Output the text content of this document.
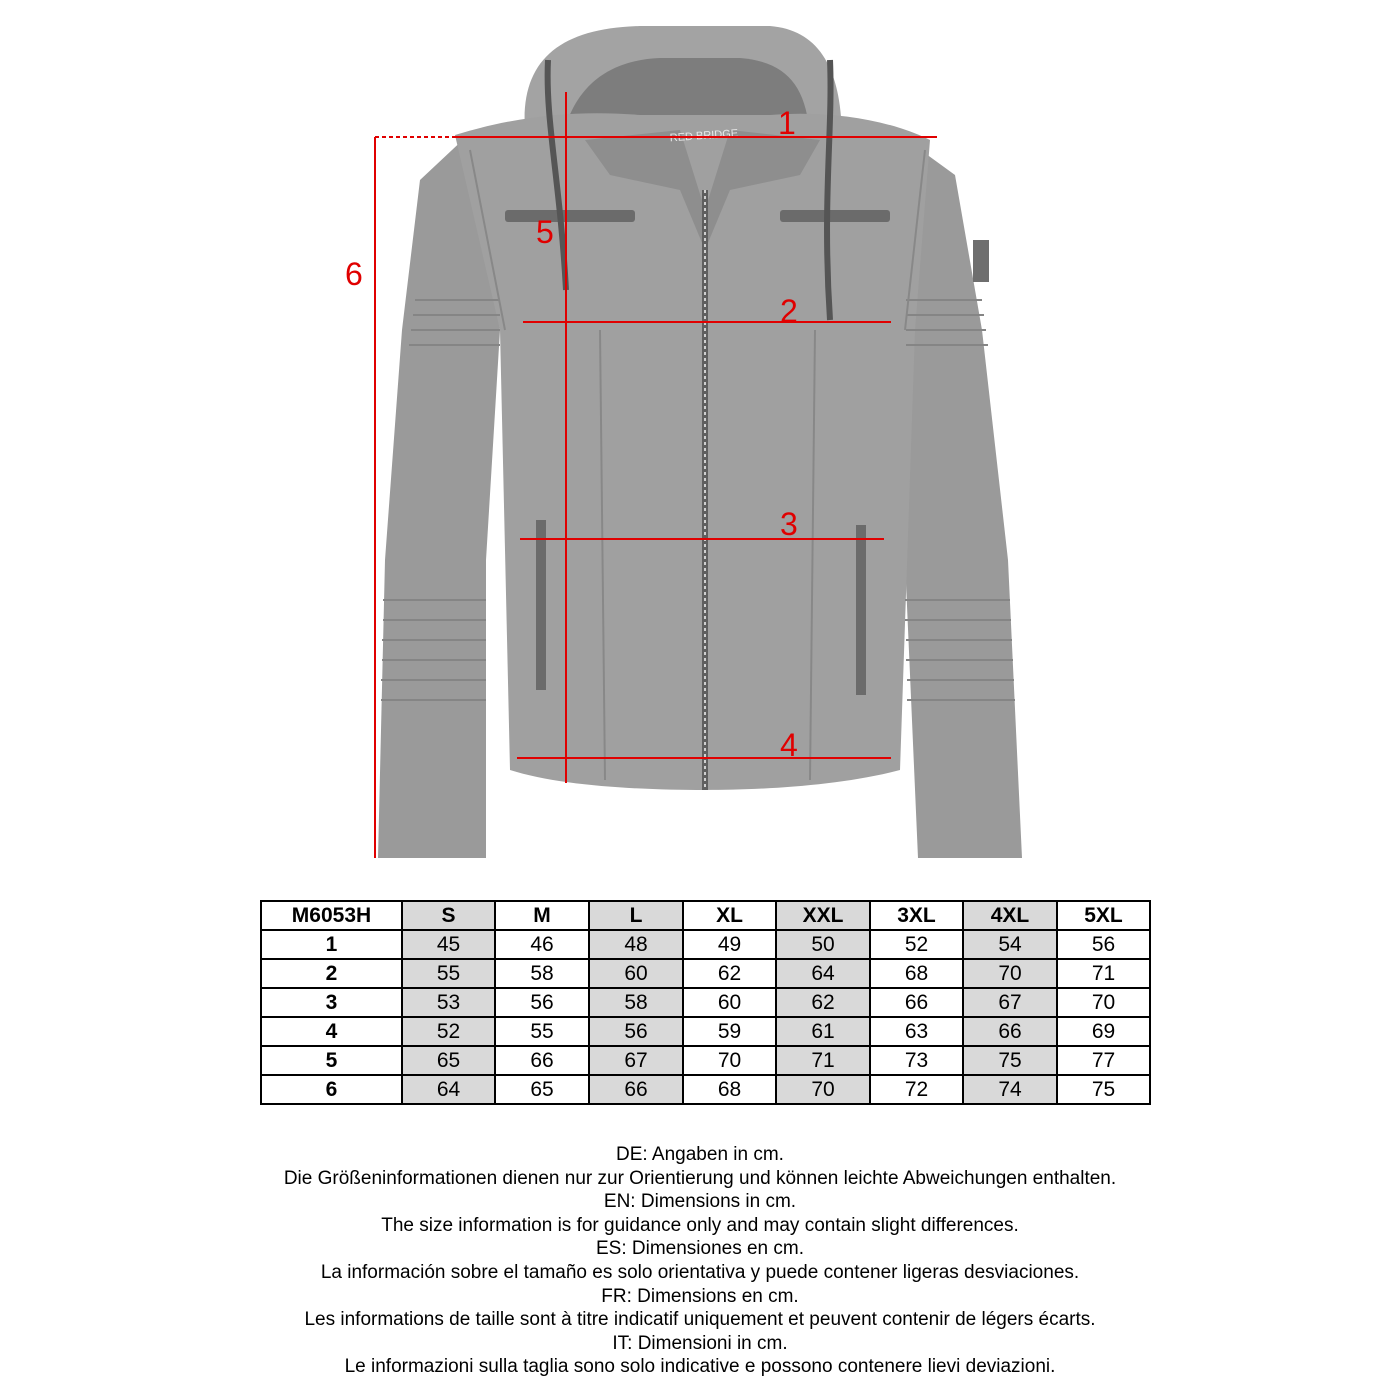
RED BRIDGE 1
2
3
4
5
6
M6053H	S	M	L	XL	XXL	3XL	4XL	5XL
1	45	46	48	49	50	52	54	56
2	55	58	60	62	64	68	70	71
3	53	56	58	60	62	66	67	70
4	52	55	56	59	61	63	66	69
5	65	66	67	70	71	73	75	77
6	64	65	66	68	70	72	74	75
DE: Angaben in cm.
Die Größeninformationen dienen nur zur Orientierung und können leichte Abweichungen enthalten.
EN: Dimensions in cm.
The size information is for guidance only and may contain slight differences.
ES: Dimensiones en cm.
La información sobre el tamaño es solo orientativa y puede contener ligeras desviaciones.
FR: Dimensions en cm.
Les informations de taille sont à titre indicatif uniquement et peuvent contenir de légers écarts.
IT: Dimensioni in cm.
Le informazioni sulla taglia sono solo indicative e possono contenere lievi deviazioni.
